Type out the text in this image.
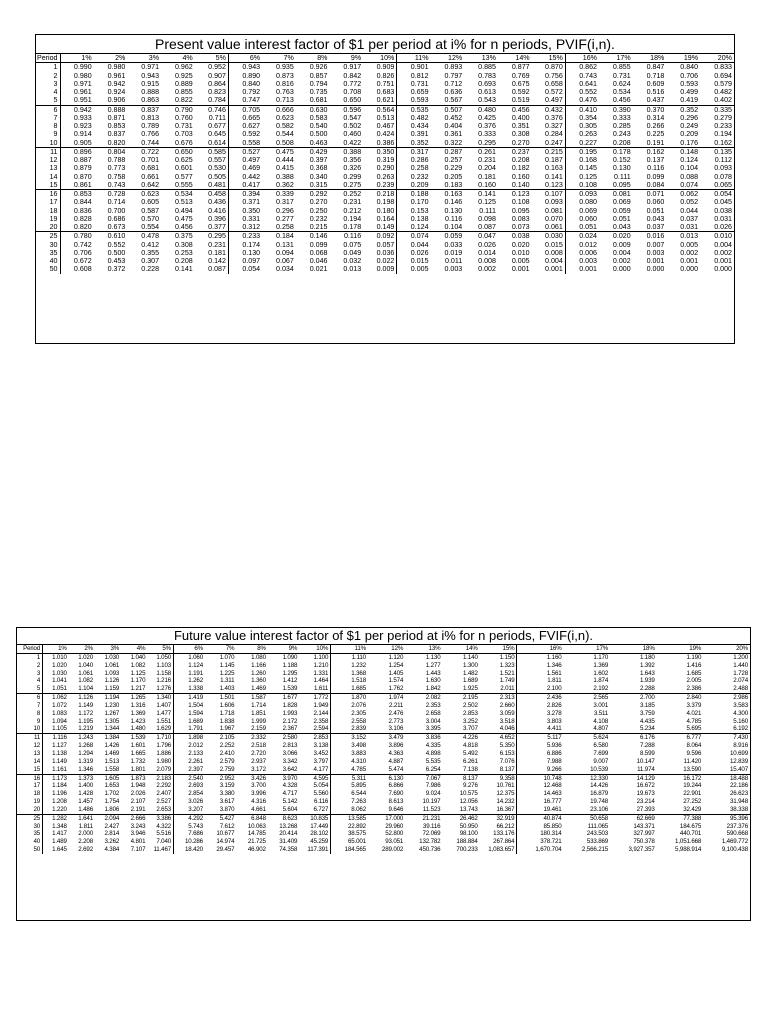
Present value interest factor of $1 per period at i% for n periods, PVIF(i,n).
Period	1%	2%	3%	4%	5%	6%	7%	8%	9%	10%	11%	12%	13%	14%	15%	16%	17%	18%	19%	20%
1	0.990	0.980	0.971	0.962	0.952	0.943	0.935	0.926	0.917	0.909	0.901	0.893	0.885	0.877	0.870	0.862	0.855	0.847	0.840	0.833
2	0.980	0.961	0.943	0.925	0.907	0.890	0.873	0.857	0.842	0.826	0.812	0.797	0.783	0.769	0.756	0.743	0.731	0.718	0.706	0.694
3	0.971	0.942	0.915	0.889	0.864	0.840	0.816	0.794	0.772	0.751	0.731	0.712	0.693	0.675	0.658	0.641	0.624	0.609	0.593	0.579
4	0.961	0.924	0.888	0.855	0.823	0.792	0.763	0.735	0.708	0.683	0.659	0.636	0.613	0.592	0.572	0.552	0.534	0.516	0.499	0.482
5	0.951	0.906	0.863	0.822	0.784	0.747	0.713	0.681	0.650	0.621	0.593	0.567	0.543	0.519	0.497	0.476	0.456	0.437	0.419	0.402
6	0.942	0.888	0.837	0.790	0.746	0.705	0.666	0.630	0.596	0.564	0.535	0.507	0.480	0.456	0.432	0.410	0.390	0.370	0.352	0.335
7	0.933	0.871	0.813	0.760	0.711	0.665	0.623	0.583	0.547	0.513	0.482	0.452	0.425	0.400	0.376	0.354	0.333	0.314	0.296	0.279
8	0.923	0.853	0.789	0.731	0.677	0.627	0.582	0.540	0.502	0.467	0.434	0.404	0.376	0.351	0.327	0.305	0.285	0.266	0.249	0.233
9	0.914	0.837	0.766	0.703	0.645	0.592	0.544	0.500	0.460	0.424	0.391	0.361	0.333	0.308	0.284	0.263	0.243	0.225	0.209	0.194
10	0.905	0.820	0.744	0.676	0.614	0.558	0.508	0.463	0.422	0.386	0.352	0.322	0.295	0.270	0.247	0.227	0.208	0.191	0.176	0.162
11	0.896	0.804	0.722	0.650	0.585	0.527	0.475	0.429	0.388	0.350	0.317	0.287	0.261	0.237	0.215	0.195	0.178	0.162	0.148	0.135
12	0.887	0.788	0.701	0.625	0.557	0.497	0.444	0.397	0.356	0.319	0.286	0.257	0.231	0.208	0.187	0.168	0.152	0.137	0.124	0.112
13	0.879	0.773	0.681	0.601	0.530	0.469	0.415	0.368	0.326	0.290	0.258	0.229	0.204	0.182	0.163	0.145	0.130	0.116	0.104	0.093
14	0.870	0.758	0.661	0.577	0.505	0.442	0.388	0.340	0.299	0.263	0.232	0.205	0.181	0.160	0.141	0.125	0.111	0.099	0.088	0.078
15	0.861	0.743	0.642	0.555	0.481	0.417	0.362	0.315	0.275	0.239	0.209	0.183	0.160	0.140	0.123	0.108	0.095	0.084	0.074	0.065
16	0.853	0.728	0.623	0.534	0.458	0.394	0.339	0.292	0.252	0.218	0.188	0.163	0.141	0.123	0.107	0.093	0.081	0.071	0.062	0.054
17	0.844	0.714	0.605	0.513	0.436	0.371	0.317	0.270	0.231	0.198	0.170	0.146	0.125	0.108	0.093	0.080	0.069	0.060	0.052	0.045
18	0.836	0.700	0.587	0.494	0.416	0.350	0.296	0.250	0.212	0.180	0.153	0.130	0.111	0.095	0.081	0.069	0.059	0.051	0.044	0.038
19	0.828	0.686	0.570	0.475	0.396	0.331	0.277	0.232	0.194	0.164	0.138	0.116	0.098	0.083	0.070	0.060	0.051	0.043	0.037	0.031
20	0.820	0.673	0.554	0.456	0.377	0.312	0.258	0.215	0.178	0.149	0.124	0.104	0.087	0.073	0.061	0.051	0.043	0.037	0.031	0.026
25	0.780	0.610	0.478	0.375	0.295	0.233	0.184	0.146	0.116	0.092	0.074	0.059	0.047	0.038	0.030	0.024	0.020	0.016	0.013	0.010
30	0.742	0.552	0.412	0.308	0.231	0.174	0.131	0.099	0.075	0.057	0.044	0.033	0.026	0.020	0.015	0.012	0.009	0.007	0.005	0.004
35	0.706	0.500	0.355	0.253	0.181	0.130	0.094	0.068	0.049	0.036	0.026	0.019	0.014	0.010	0.008	0.006	0.004	0.003	0.002	0.002
40	0.672	0.453	0.307	0.208	0.142	0.097	0.067	0.046	0.032	0.022	0.015	0.011	0.008	0.005	0.004	0.003	0.002	0.001	0.001	0.001
50	0.608	0.372	0.228	0.141	0.087	0.054	0.034	0.021	0.013	0.009	0.005	0.003	0.002	0.001	0.001	0.001	0.000	0.000	0.000	0.000
Future value interest factor of $1 per period at i% for n periods, FVIF(i,n).
Period	1%	2%	3%	4%	5%	6%	7%	8%	9%	10%	11%	12%	13%	14%	15%	16%	17%	18%	19%	20%
1	1.010	1.020	1.030	1.040	1.050	1.060	1.070	1.080	1.090	1.100	1.110	1.120	1.130	1.140	1.150	1.160	1.170	1.180	1.190	1.200
2	1.020	1.040	1.061	1.082	1.103	1.124	1.145	1.166	1.188	1.210	1.232	1.254	1.277	1.300	1.323	1.346	1.369	1.392	1.416	1.440
3	1.030	1.061	1.093	1.125	1.158	1.191	1.225	1.260	1.295	1.331	1.368	1.405	1.443	1.482	1.521	1.561	1.602	1.643	1.685	1.728
4	1.041	1.082	1.126	1.170	1.216	1.262	1.311	1.360	1.412	1.464	1.518	1.574	1.630	1.689	1.749	1.811	1.874	1.939	2.005	2.074
5	1.051	1.104	1.159	1.217	1.276	1.338	1.403	1.469	1.539	1.611	1.685	1.762	1.842	1.925	2.011	2.100	2.192	2.288	2.386	2.488
6	1.062	1.126	1.194	1.265	1.340	1.419	1.501	1.587	1.677	1.772	1.870	1.974	2.082	2.195	2.313	2.436	2.565	2.700	2.840	2.986
7	1.072	1.149	1.230	1.316	1.407	1.504	1.606	1.714	1.828	1.949	2.076	2.211	2.353	2.502	2.660	2.826	3.001	3.185	3.379	3.583
8	1.083	1.172	1.267	1.369	1.477	1.594	1.718	1.851	1.993	2.144	2.305	2.476	2.658	2.853	3.059	3.278	3.511	3.759	4.021	4.300
9	1.094	1.195	1.305	1.423	1.551	1.689	1.838	1.999	2.172	2.358	2.558	2.773	3.004	3.252	3.518	3.803	4.108	4.435	4.785	5.160
10	1.105	1.219	1.344	1.480	1.629	1.791	1.967	2.159	2.367	2.594	2.839	3.106	3.395	3.707	4.046	4.411	4.807	5.234	5.695	6.192
11	1.116	1.243	1.384	1.539	1.710	1.898	2.105	2.332	2.580	2.853	3.152	3.479	3.836	4.226	4.652	5.117	5.624	6.176	6.777	7.430
12	1.127	1.268	1.426	1.601	1.796	2.012	2.252	2.518	2.813	3.138	3.498	3.896	4.335	4.818	5.350	5.936	6.580	7.288	8.064	8.916
13	1.138	1.294	1.469	1.665	1.886	2.133	2.410	2.720	3.066	3.452	3.883	4.363	4.898	5.492	6.153	6.886	7.699	8.599	9.596	10.699
14	1.149	1.319	1.513	1.732	1.980	2.261	2.579	2.937	3.342	3.797	4.310	4.887	5.535	6.261	7.076	7.988	9.007	10.147	11.420	12.839
15	1.161	1.346	1.558	1.801	2.079	2.397	2.759	3.172	3.642	4.177	4.785	5.474	6.254	7.138	8.137	9.266	10.539	11.974	13.590	15.407
16	1.173	1.373	1.605	1.873	2.183	2.540	2.952	3.426	3.970	4.595	5.311	6.130	7.067	8.137	9.358	10.748	12.330	14.129	16.172	18.488
17	1.184	1.400	1.653	1.948	2.292	2.693	3.159	3.700	4.328	5.054	5.895	6.866	7.986	9.276	10.761	12.468	14.426	16.672	19.244	22.186
18	1.196	1.428	1.702	2.026	2.407	2.854	3.380	3.996	4.717	5.560	6.544	7.690	9.024	10.575	12.375	14.463	16.879	19.673	22.901	26.623
19	1.208	1.457	1.754	2.107	2.527	3.026	3.617	4.316	5.142	6.116	7.263	8.613	10.197	12.056	14.232	16.777	19.748	23.214	27.252	31.948
20	1.220	1.486	1.806	2.191	2.653	3.207	3.870	4.661	5.604	6.727	8.062	9.646	11.523	13.743	16.367	19.461	23.106	27.393	32.429	38.338
25	1.282	1.641	2.094	2.666	3.386	4.292	5.427	6.848	8.623	10.835	13.585	17.000	21.231	26.462	32.919	40.874	50.658	62.669	77.388	95.396
30	1.348	1.811	2.427	3.243	4.322	5.743	7.612	10.063	13.268	17.449	22.892	29.960	39.116	50.950	66.212	85.850	111.065	143.371	184.675	237.376
35	1.417	2.000	2.814	3.946	5.516	7.686	10.677	14.785	20.414	28.102	38.575	52.800	72.069	98.100	133.176	180.314	243.503	327.997	440.701	590.668
40	1.489	2.208	3.262	4.801	7.040	10.286	14.974	21.725	31.409	45.259	65.001	93.051	132.782	188.884	267.864	378.721	533.869	750.378	1,051.668	1,469.772
50	1.645	2.692	4.384	7.107	11.467	18.420	29.457	46.902	74.358	117.391	184.565	289.002	450.736	700.233	1,083.657	1,670.704	2,566.215	3,927.357	5,988.914	9,100.438
